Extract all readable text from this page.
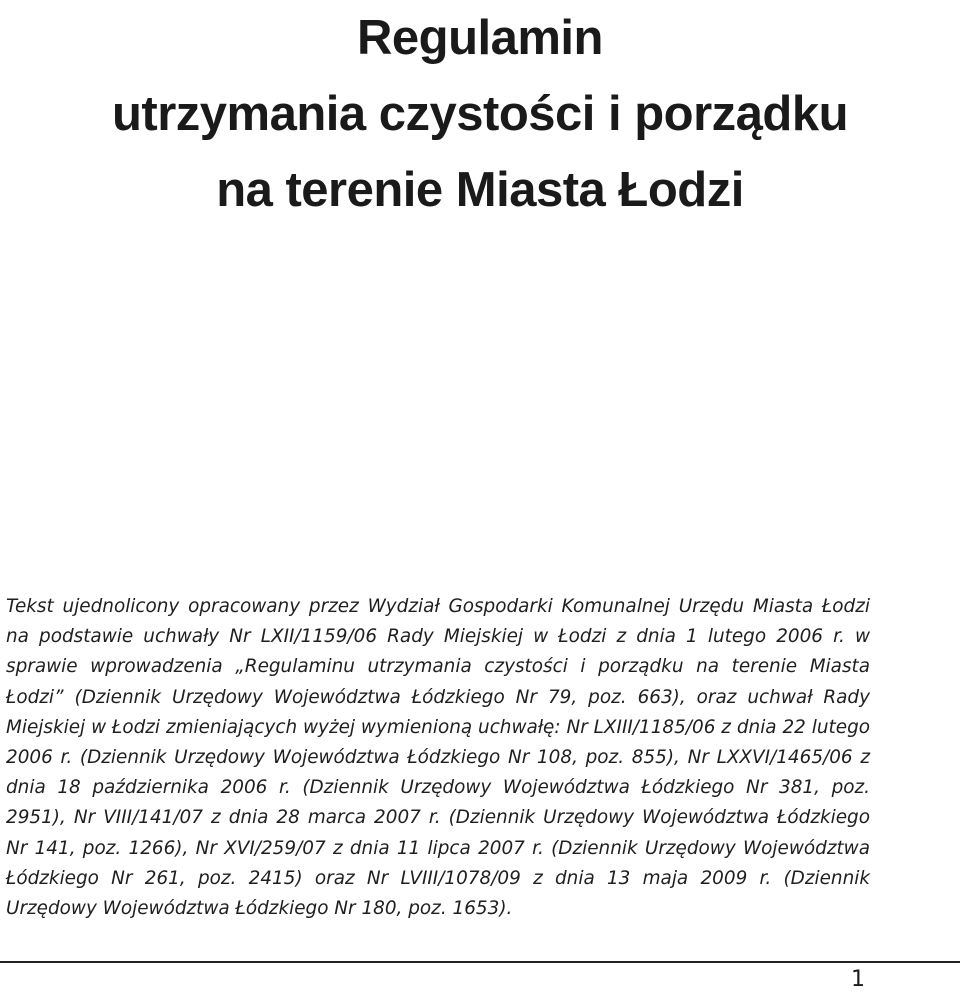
Regulamin
utrzymania czystości i porządku
na terenie Miasta Łodzi

Tekst ujednolicony opracowany przez Wydział Gospodarki Komunalnej Urzędu Miasta Łodzi na podstawie uchwały Nr LXII/1159/06 Rady Miejskiej w Łodzi z dnia 1 lutego 2006 r. w sprawie wprowadzenia „Regulaminu utrzymania czystości i porządku na terenie Miasta Łodzi” (Dziennik Urzędowy Województwa Łódzkiego Nr 79, poz. 663), oraz uchwał Rady Miejskiej w Łodzi zmieniających wyżej wymienioną uchwałę: Nr LXIII/1185/06 z dnia 22 lutego 2006 r. (Dziennik Urzędowy Województwa Łódzkiego Nr 108, poz. 855), Nr LXXVI/1465/06 z dnia 18 października 2006 r. (Dziennik Urzędowy Województwa Łódzkiego Nr 381, poz. 2951), Nr VIII/141/07 z dnia 28 marca 2007 r. (Dziennik Urzędowy Województwa Łódzkiego Nr 141, poz. 1266), Nr XVI/259/07 z dnia 11 lipca 2007 r. (Dziennik Urzędowy Województwa Łódzkiego Nr 261, poz. 2415) oraz Nr LVIII/1078/09 z dnia 13 maja 2009 r. (Dziennik Urzędowy Województwa Łódzkiego Nr 180, poz. 1653).

1
